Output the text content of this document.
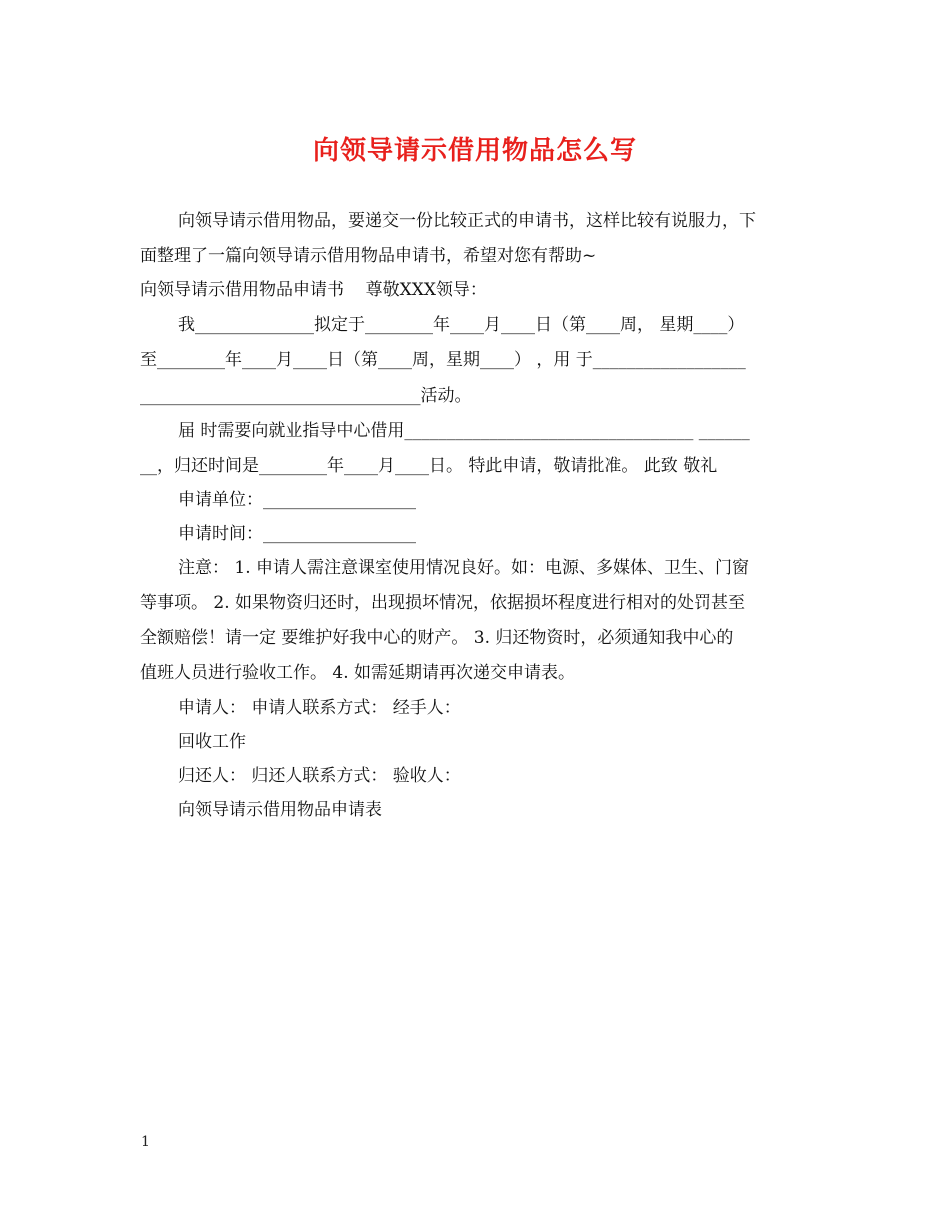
向领导请示借用物品怎么写
向领导请示借用物品，要递交一份比较正式的申请书，这样比较有说服力，下
面整理了一篇向领导请示借用物品申请书，希望对您有帮助~
向领导请示借用物品申请书    尊敬XXX领导：
我______________拟定于________年____月____日（第____周， 星期____）
至________年____月____日（第____周，星期____） ，用 于__________________
_________________________________活动。
届 时需要向就业指导中心借用__________________________________ ______
__，归还时间是________年____月____日。 特此申请，敬请批准。 此致 敬礼
申请单位：__________________
申请时间：__________________
注意： 1. 申请人需注意课室使用情况良好。如：电源、多媒体、卫生、门窗
等事项。 2. 如果物资归还时，出现损坏情况，依据损坏程度进行相对的处罚甚至
全额赔偿！请一定 要维护好我中心的财产。 3. 归还物资时，必须通知我中心的
值班人员进行验收工作。 4. 如需延期请再次递交申请表。
申请人： 申请人联系方式： 经手人：
回收工作
归还人： 归还人联系方式： 验收人：
向领导请示借用物品申请表
1
